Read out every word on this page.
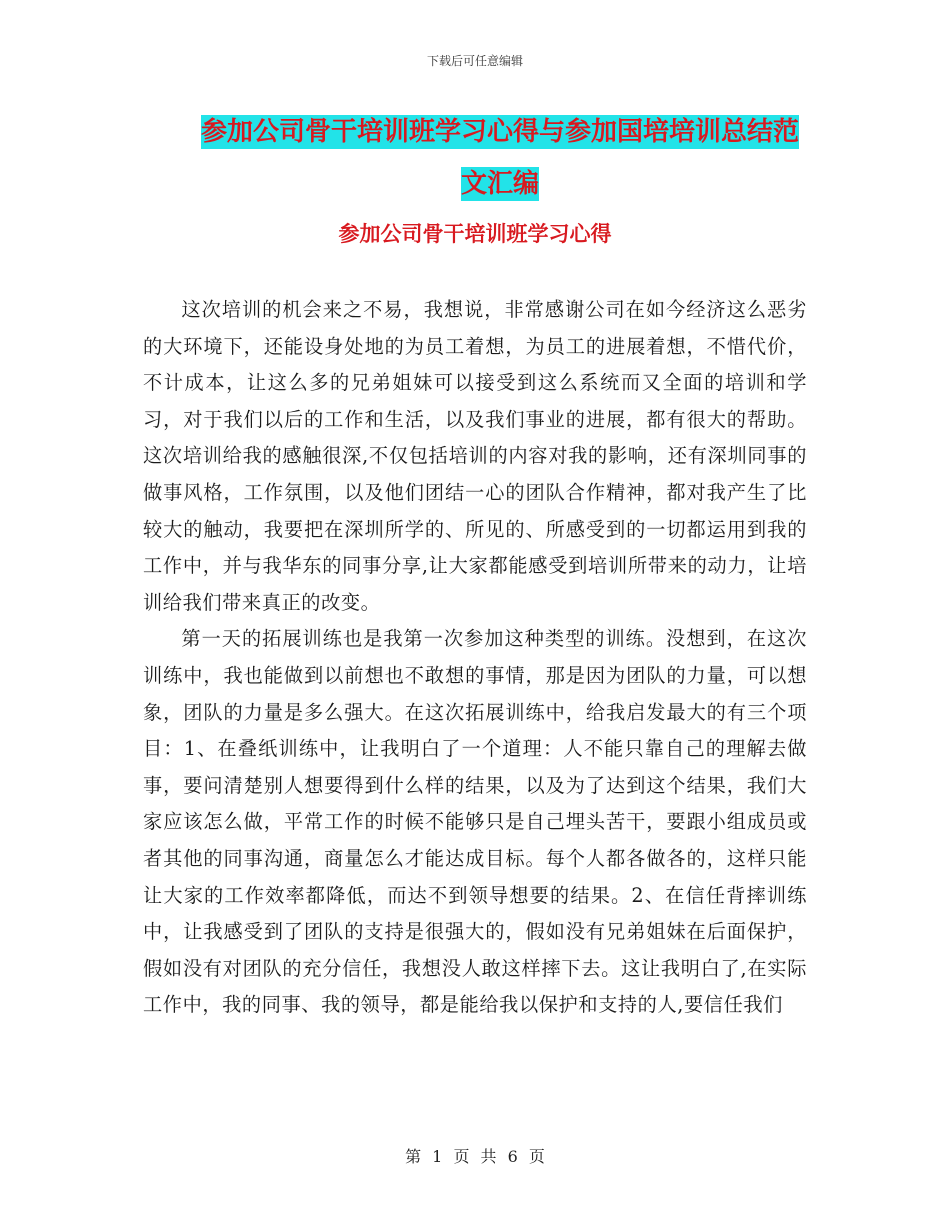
下载后可任意编辑
参加公司骨干培训班学习心得与参加国培培训总结范文汇编
参加公司骨干培训班学习心得

这次培训的机会来之不易，我想说，非常感谢公司在如今经济这么恶劣的大环境下，还能设身处地的为员工着想，为员工的进展着想，不惜代价，不计成本，让这么多的兄弟姐妹可以接受到这么系统而又全面的培训和学习，对于我们以后的工作和生活，以及我们事业的进展，都有很大的帮助。这次培训给我的感触很深,不仅包括培训的内容对我的影响，还有深圳同事的做事风格，工作氛围，以及他们团结一心的团队合作精神，都对我产生了比较大的触动，我要把在深圳所学的、所见的、所感受到的一切都运用到我的工作中，并与我华东的同事分享,让大家都能感受到培训所带来的动力，让培训给我们带来真正的改变。

第一天的拓展训练也是我第一次参加这种类型的训练。没想到，在这次训练中，我也能做到以前想也不敢想的事情，那是因为团队的力量，可以想象，团队的力量是多么强大。在这次拓展训练中，给我启发最大的有三个项目：1、在叠纸训练中，让我明白了一个道理：人不能只靠自己的理解去做事，要问清楚别人想要得到什么样的结果，以及为了达到这个结果，我们大家应该怎么做，平常工作的时候不能够只是自己埋头苦干，要跟小组成员或者其他的同事沟通，商量怎么才能达成目标。每个人都各做各的，这样只能让大家的工作效率都降低，而达不到领导想要的结果。2、在信任背摔训练中，让我感受到了团队的支持是很强大的，假如没有兄弟姐妹在后面保护，假如没有对团队的充分信任，我想没人敢这样摔下去。这让我明白了,在实际工作中，我的同事、我的领导，都是能给我以保护和支持的人,要信任我们

第 1 页 共 6 页
